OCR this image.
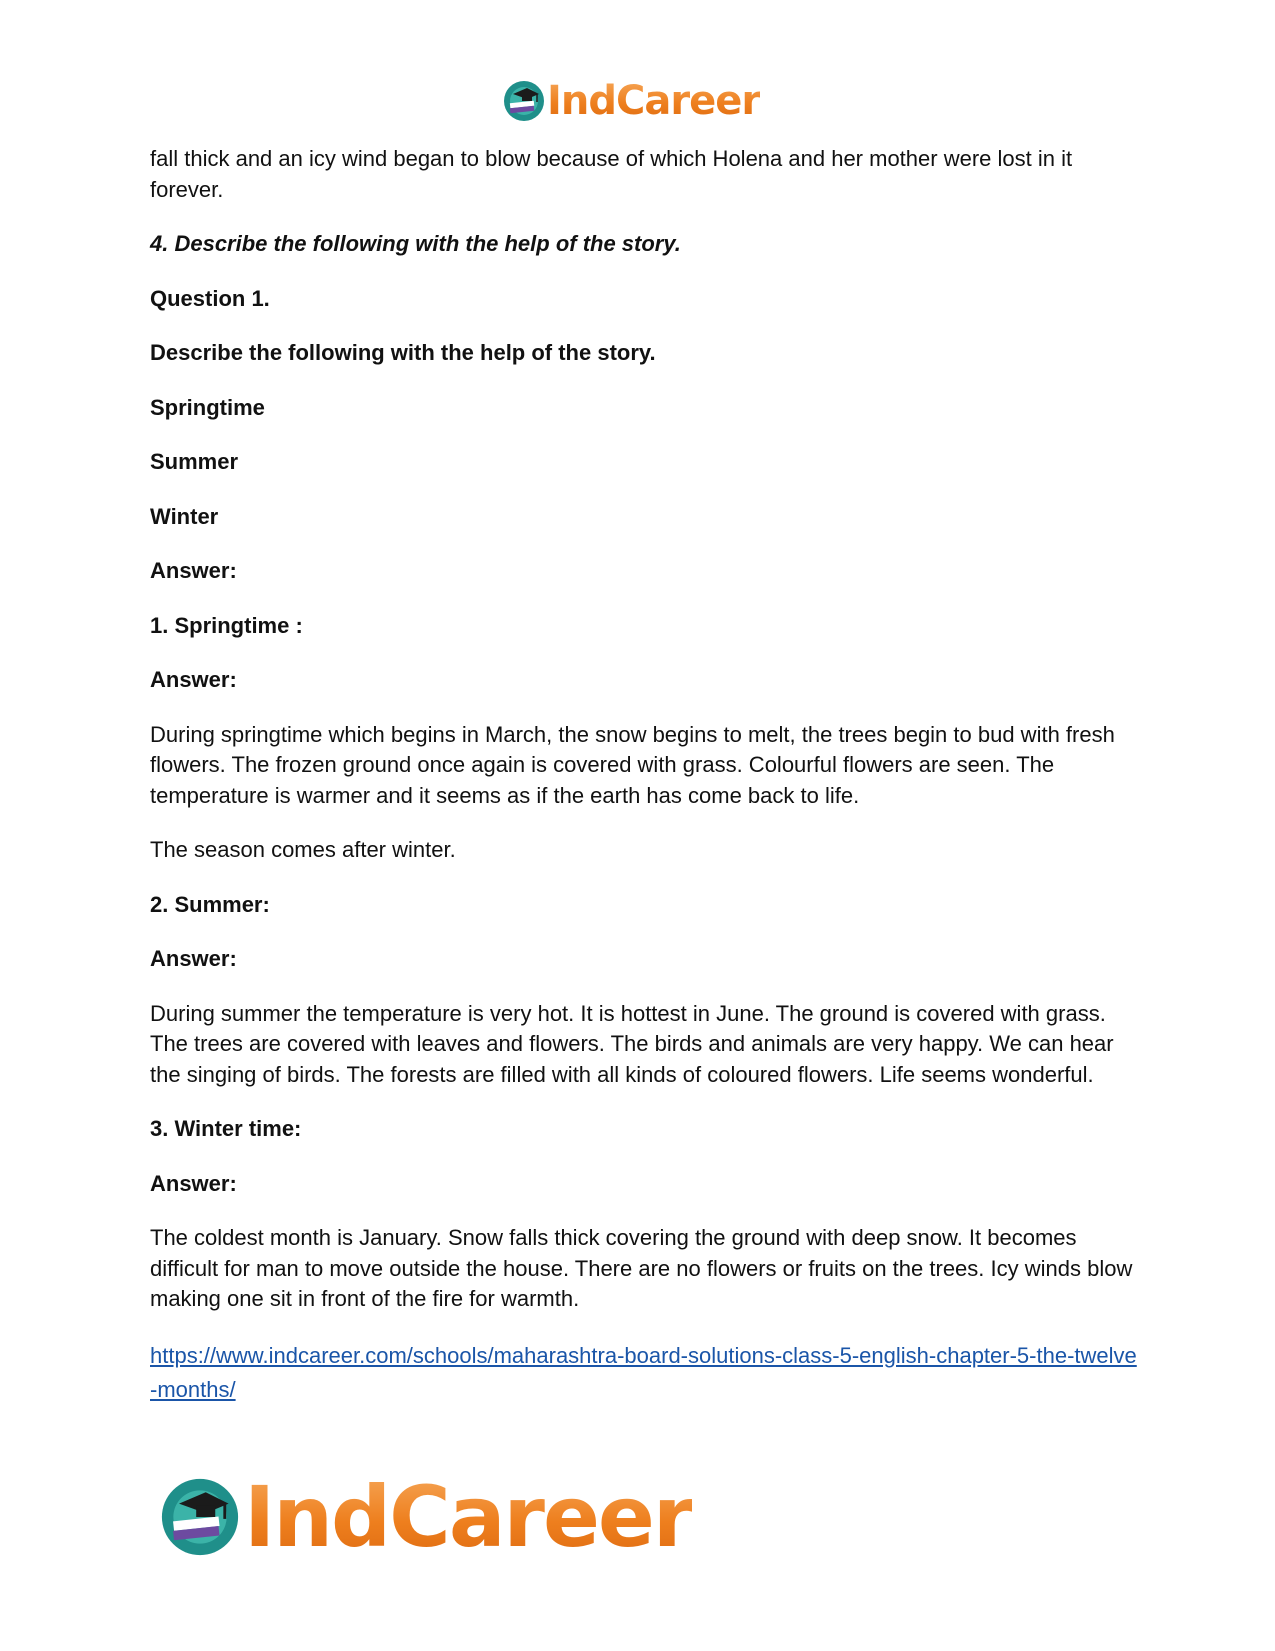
IndCareer

fall thick and an icy wind began to blow because of which Holena and her mother were lost in it forever.

4. Describe the following with the help of the story.

Question 1.

Describe the following with the help of the story.

Springtime

Summer

Winter

Answer:

1. Springtime :

Answer:

During springtime which begins in March, the snow begins to melt, the trees begin to bud with fresh flowers. The frozen ground once again is covered with grass. Colourful flowers are seen. The temperature is warmer and it seems as if the earth has come back to life.

The season comes after winter.

2. Summer:

Answer:

During summer the temperature is very hot. It is hottest in June. The ground is covered with grass. The trees are covered with leaves and flowers. The birds and animals are very happy. We can hear the singing of birds. The forests are filled with all kinds of coloured flowers. Life seems wonderful.

3. Winter time:

Answer:

The coldest month is January. Snow falls thick covering the ground with deep snow. It becomes difficult for man to move outside the house. There are no flowers or fruits on the trees. Icy winds blow making one sit in front of the fire for warmth.

https://www.indcareer.com/schools/maharashtra-board-solutions-class-5-english-chapter-5-the-twelve-months/
IndCareer
